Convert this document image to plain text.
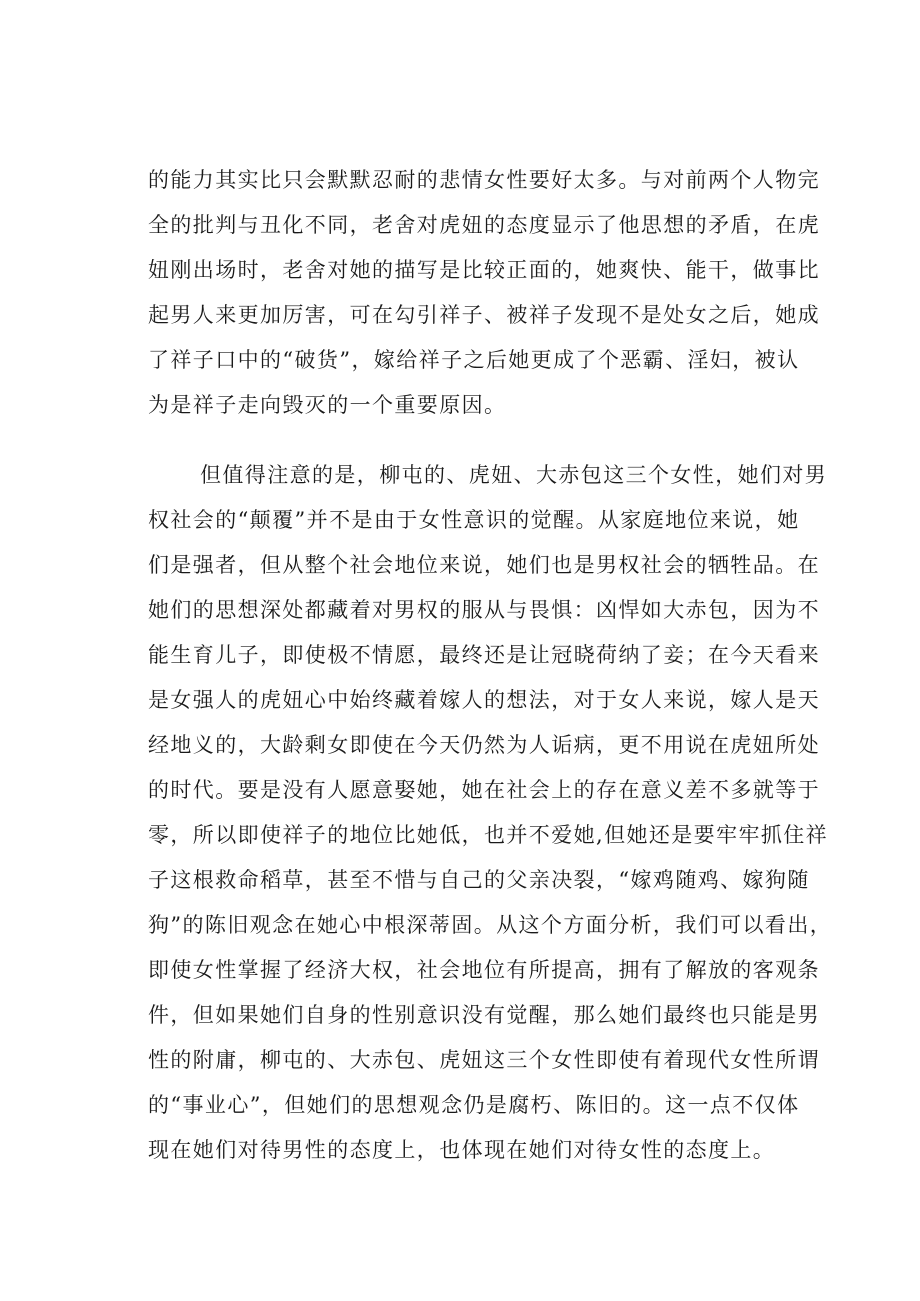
的能力其实比只会默默忍耐的悲情女性要好太多。与对前两个人物完
全的批判与丑化不同，老舍对虎妞的态度显示了他思想的矛盾，在虎
妞刚出场时，老舍对她的描写是比较正面的，她爽快、能干，做事比
起男人来更加厉害，可在勾引祥子、被祥子发现不是处女之后，她成
了祥子口中的“破货”，嫁给祥子之后她更成了个恶霸、淫妇，被认
为是祥子走向毁灭的一个重要原因。
但值得注意的是，柳屯的、虎妞、大赤包这三个女性，她们对男
权社会的“颠覆”并不是由于女性意识的觉醒。从家庭地位来说，她
们是强者，但从整个社会地位来说，她们也是男权社会的牺牲品。在
她们的思想深处都藏着对男权的服从与畏惧：凶悍如大赤包，因为不
能生育儿子，即使极不情愿，最终还是让冠晓荷纳了妾；在今天看来
是女强人的虎妞心中始终藏着嫁人的想法，对于女人来说，嫁人是天
经地义的，大龄剩女即使在今天仍然为人诟病，更不用说在虎妞所处
的时代。要是没有人愿意娶她，她在社会上的存在意义差不多就等于
零，所以即使祥子的地位比她低，也并不爱她,但她还是要牢牢抓住祥
子这根救命稻草，甚至不惜与自己的父亲决裂，“嫁鸡随鸡、嫁狗随
狗”的陈旧观念在她心中根深蒂固。从这个方面分析，我们可以看出，
即使女性掌握了经济大权，社会地位有所提高，拥有了解放的客观条
件，但如果她们自身的性别意识没有觉醒，那么她们最终也只能是男
性的附庸，柳屯的、大赤包、虎妞这三个女性即使有着现代女性所谓
的“事业心”，但她们的思想观念仍是腐朽、陈旧的。这一点不仅体
现在她们对待男性的态度上，也体现在她们对待女性的态度上。
